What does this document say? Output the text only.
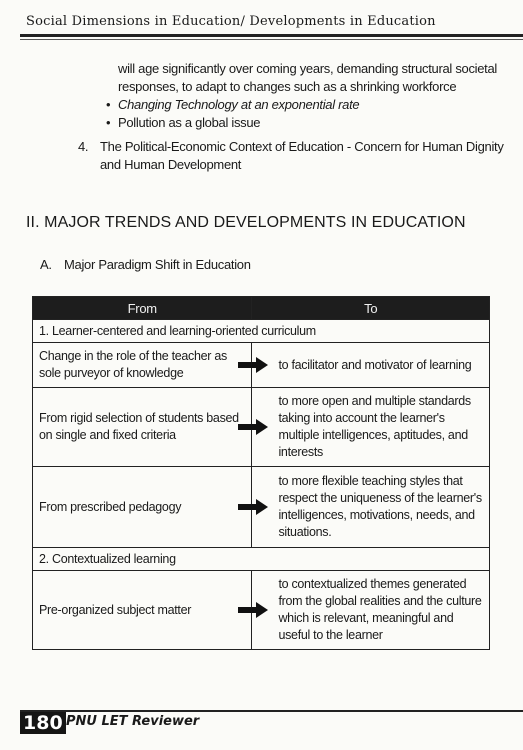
Social Dimensions in Education/ Developments in Education
will age significantly over coming years, demanding structural societal responses, to adapt to changes such as a shrinking workforce
• Changing Technology at an exponential rate
• Pollution as a global issue
4. The Political-Economic Context of Education - Concern for Human Dignity and Human Development
II. MAJOR TRENDS AND DEVELOPMENTS IN EDUCATION
A. Major Paradigm Shift in Education
From	To
1. Learner-centered and learning-oriented curriculum	
Change in the role of the teacher as sole purveyor of knowledge	to facilitator and motivator of learning
From rigid selection of students based on single and fixed criteria	to more open and multiple standards taking into account the learner's multiple intelligences, aptitudes, and interests
From prescribed pedagogy	to more flexible teaching styles that respect the uniqueness of the learner's intelligences, motivations, needs, and situations.
2. Contextualized learning	
Pre-organized subject matter	to contextualized themes generated from the global realities and the culture which is relevant, meaningful and useful to the learner
180 PNU LET Reviewer
